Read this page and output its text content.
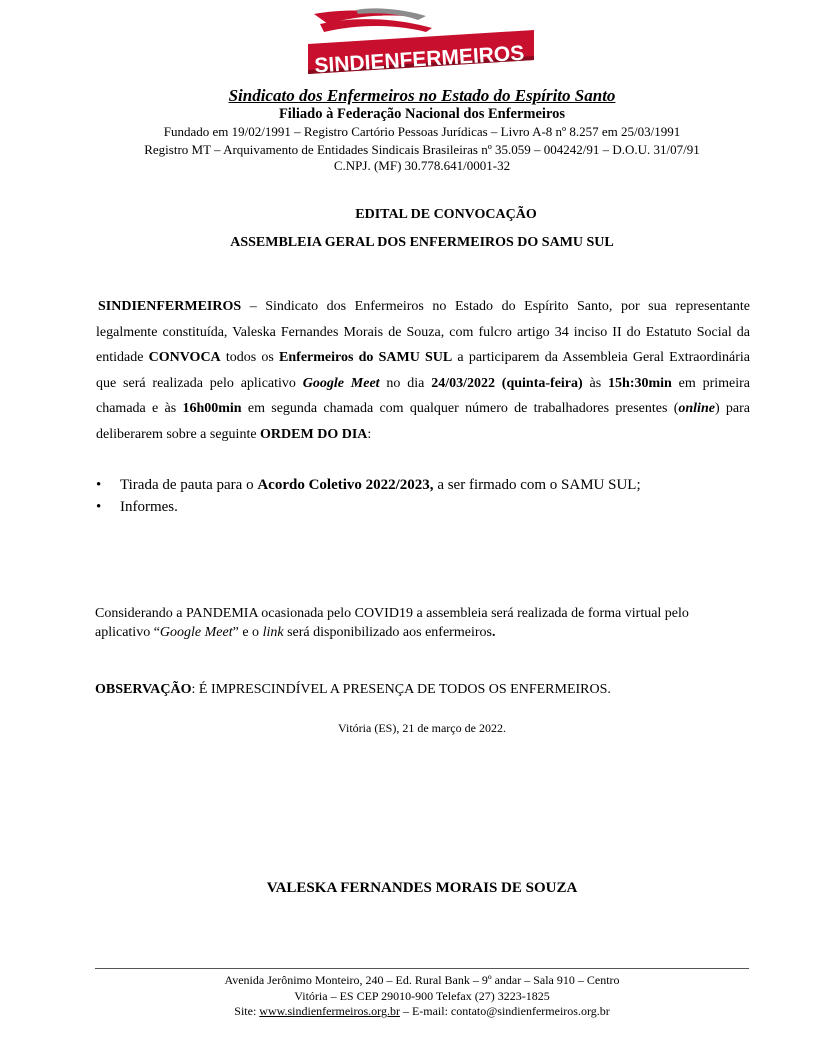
SINDIENFERMEIROS
Sindicato dos Enfermeiros no Estado do Espírito Santo
Filiado à Federação Nacional dos Enfermeiros
Fundado em 19/02/1991 – Registro Cartório Pessoas Jurídicas – Livro A-8 nº 8.257 em 25/03/1991
Registro MT – Arquivamento de Entidades Sindicais Brasileiras nº 35.059 – 004242/91 – D.O.U. 31/07/91
C.NPJ. (MF) 30.778.641/0001-32
EDITAL DE CONVOCAÇÃO
ASSEMBLEIA GERAL DOS ENFERMEIROS DO SAMU SUL
SINDIENFERMEIROS – Sindicato dos Enfermeiros no Estado do Espírito Santo, por sua representante legalmente constituída, Valeska Fernandes Morais de Souza, com fulcro artigo 34 inciso II do Estatuto Social da entidade CONVOCA todos os Enfermeiros do SAMU SUL a participarem da Assembleia Geral Extraordinária que será realizada pelo aplicativo Google Meet no dia 24/03/2022 (quinta-feira) às 15h:30min em primeira chamada e às 16h00min em segunda chamada com qualquer número de trabalhadores presentes (online) para deliberarem sobre a seguinte ORDEM DO DIA:
• Tirada de pauta para o Acordo Coletivo 2022/2023, a ser firmado com o SAMU SUL;
• Informes.
Considerando a PANDEMIA ocasionada pelo COVID19 a assembleia será realizada de forma virtual pelo aplicativo “Google Meet” e o link será disponibilizado aos enfermeiros.
OBSERVAÇÃO: É IMPRESCINDÍVEL A PRESENÇA DE TODOS OS ENFERMEIROS.
Vitória (ES), 21 de março de 2022.
VALESKA FERNANDES MORAIS DE SOUZA
Avenida Jerônimo Monteiro, 240 – Ed. Rural Bank – 9º andar – Sala 910 – Centro
Vitória – ES CEP 29010-900 Telefax (27) 3223-1825
Site: www.sindienfermeiros.org.br – E-mail: contato@sindienfermeiros.org.br
